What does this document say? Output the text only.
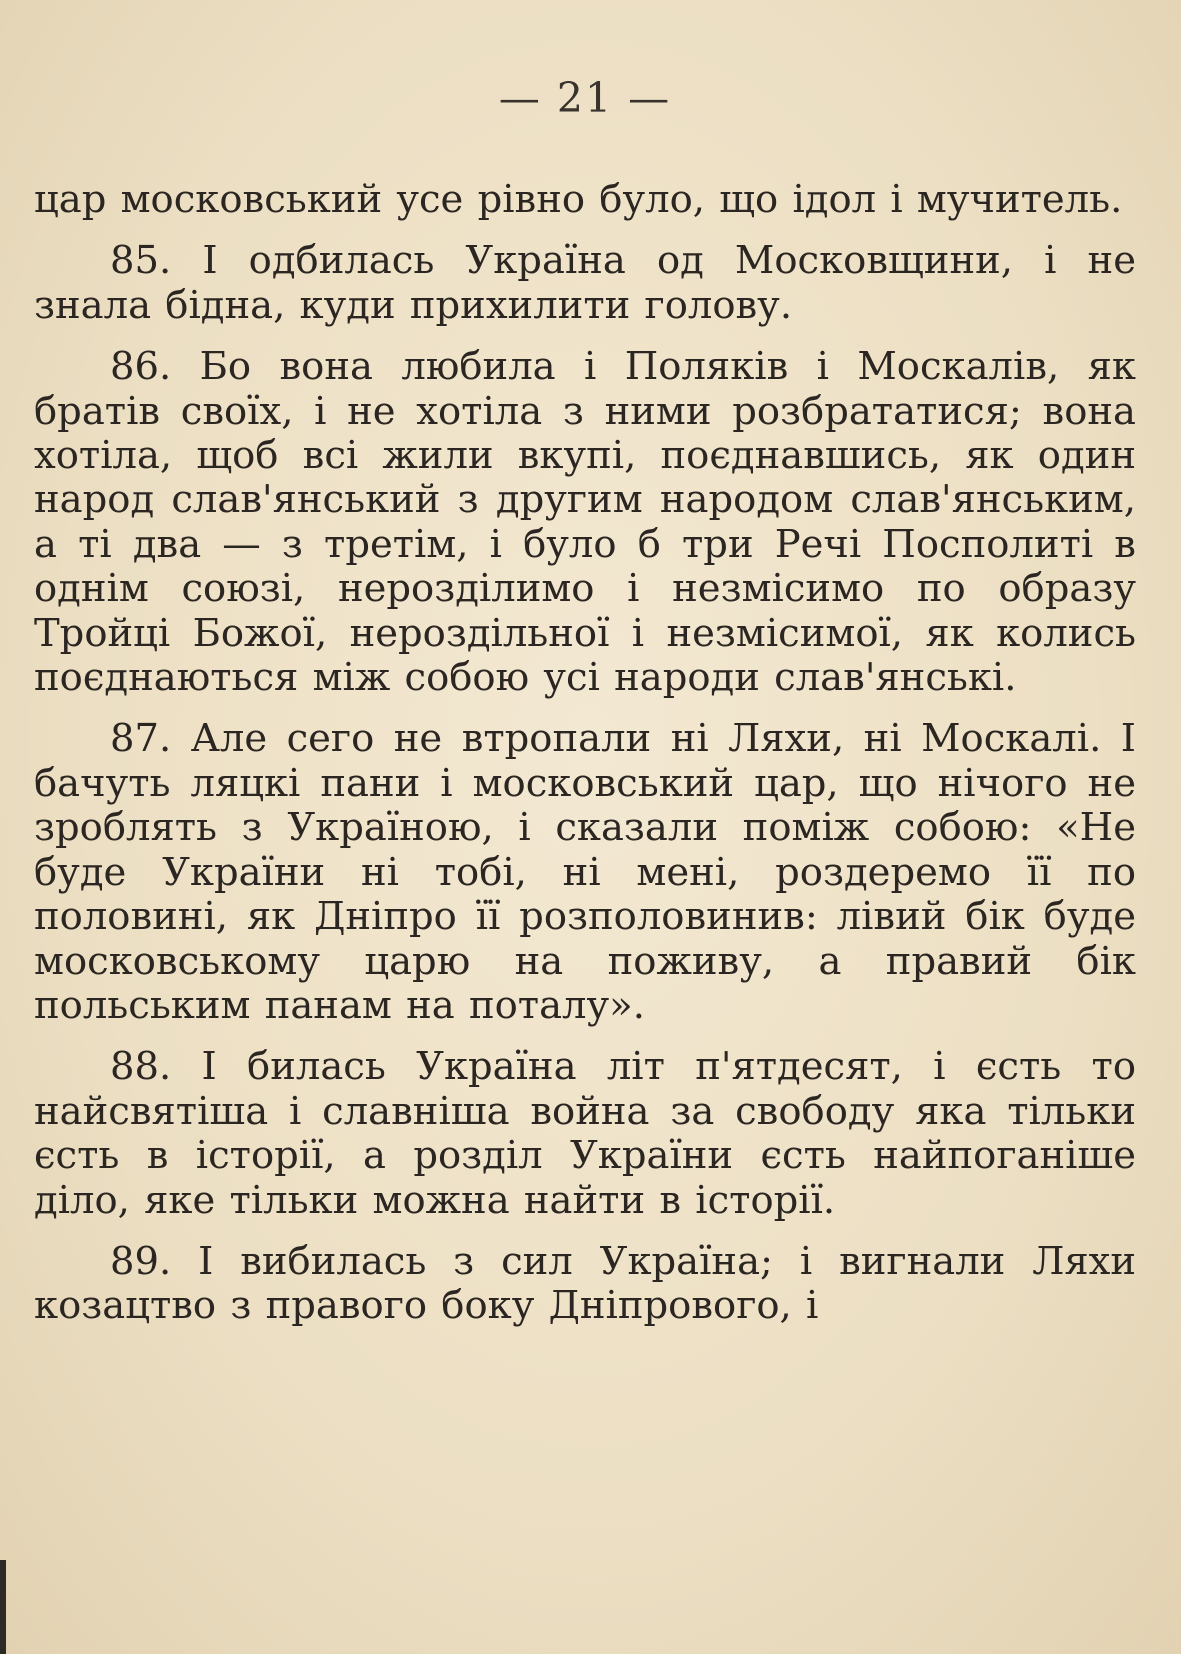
— 21 —

цар московський усе рівно було, що ідол і мучитель.

85. І одбилась Україна од Московщини, і не знала бідна, куди прихилити голову.

86. Бо вона любила і Поляків і Москалів, як братів своїх, і не хотіла з ними розбрататися; вона хотіла, щоб всі жили вкупі, поєднавшись, як один народ слав'янський з другим народом слав'янським, а ті два — з третім, і було б три Речі Посполиті в однім союзі, нерозділимо і незмісимо по образу Тройці Божої, нероздільної і незмісимої, як колись поєднаються між собою усі народи слав'янські.

87. Але сего не втропали ні Ляхи, ні Москалі. І бачуть ляцкі пани і московський цар, що нічого не зроблять з Україною, і сказали поміж собою: «Не буде України ні тобі, ні мені, роздеремо її по половині, як Дніпро її розполовинив: лівий бік буде московському царю на поживу, а правий бік польським панам на поталу».

88. І билась Україна літ п'ятдесят, і єсть то найсвятіша і славніша война за свободу яка тільки єсть в історії, а розділ України єсть найпоганіше діло, яке тільки можна найти в історії.

89. І вибилась з сил Україна; і вигнали Ляхи козацтво з правого боку Дніпрового, і
